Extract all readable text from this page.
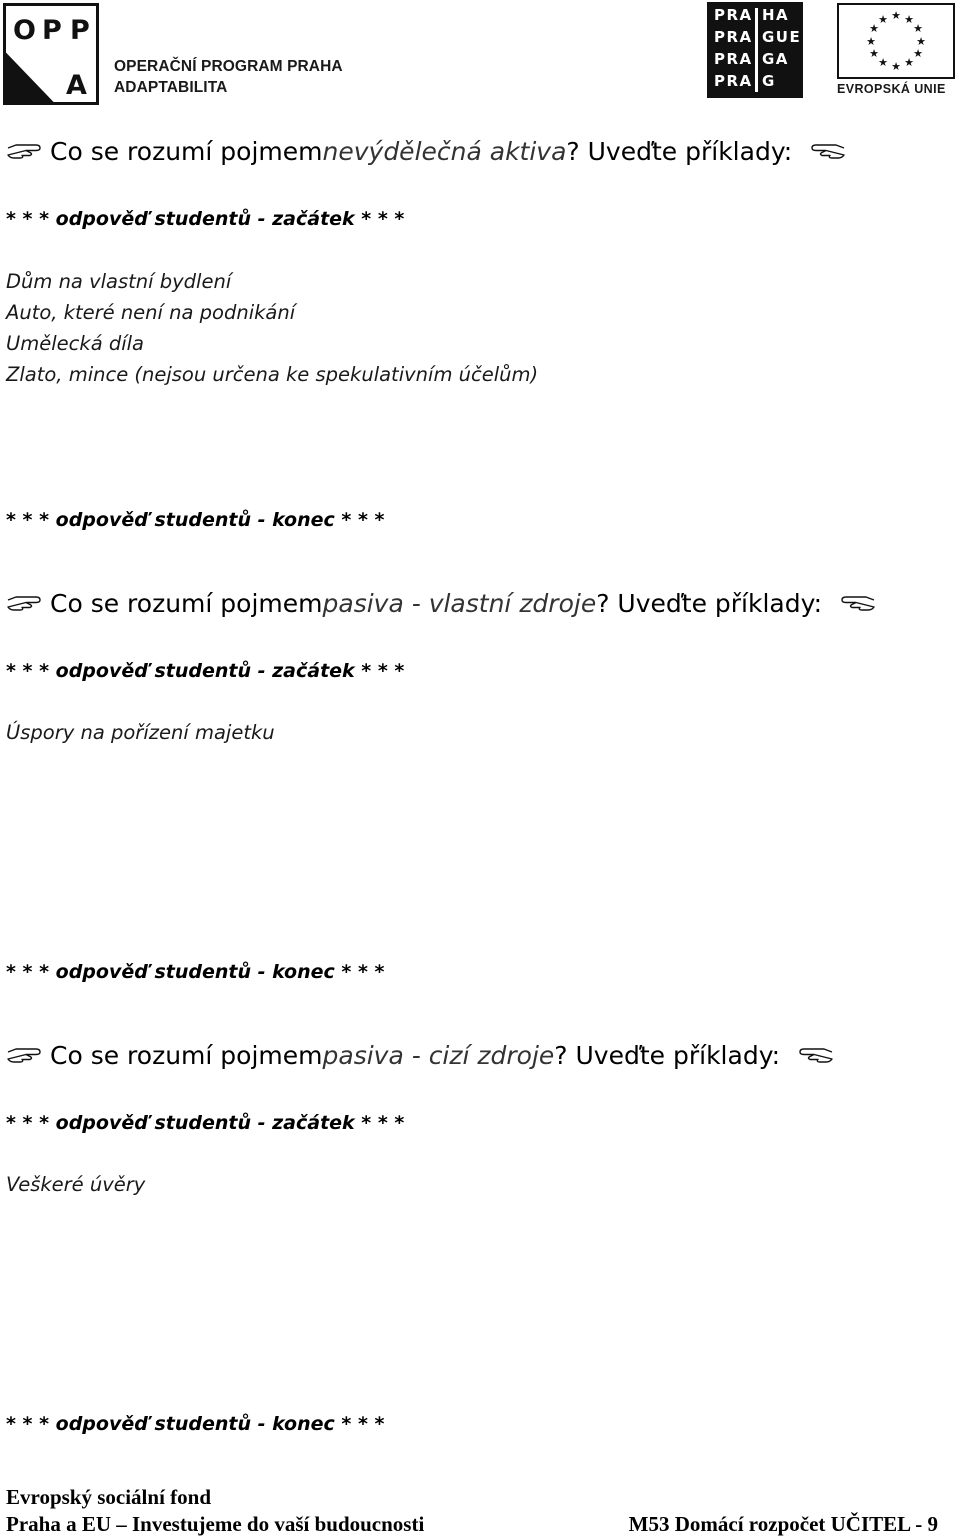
O P P
A
OPERAČNÍ PROGRAM PRAHA
ADAPTABILITA
PRA HA
PRA GUE
PRA GA
PRA G
★ ★
★
★
★
★
★
★
★
★
★
★
EVROPSKÁ UNIE
Co se rozumí pojmem nevýdělečná aktiva ? Uveďte příklady:
* * * odpověď studentů - začátek * * *
Dům na vlastní bydlení
Auto, které není na podnikání
Umělecká díla
Zlato, mince (nejsou určena ke spekulativním účelům)
* * * odpověď studentů - konec * * *
Co se rozumí pojmem pasiva - vlastní zdroje ? Uveďte příklady:
* * * odpověď studentů - začátek * * *
Úspory na pořízení majetku
* * * odpověď studentů - konec * * *
Co se rozumí pojmem pasiva - cizí zdroje ? Uveďte příklady:
* * * odpověď studentů - začátek * * *
Veškeré úvěry
* * * odpověď studentů - konec * * *
Evropský sociální fond
Praha a EU – Investujeme do vaší budoucnosti	M53 Domácí rozpočet UČITEL - 9
